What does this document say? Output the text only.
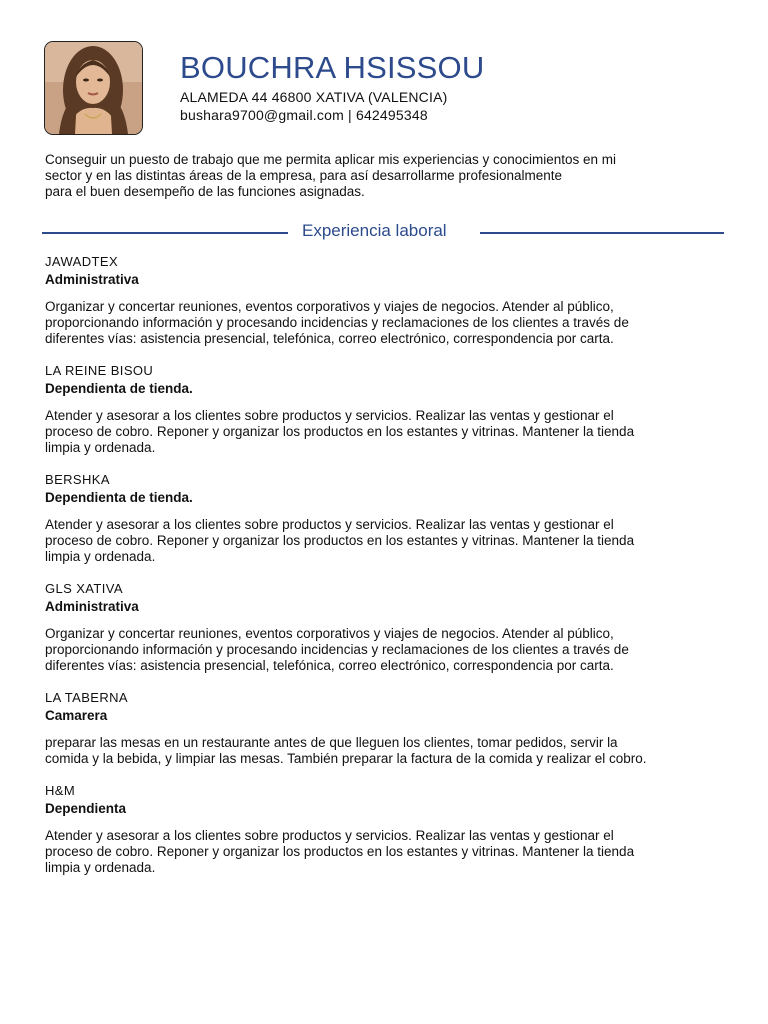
BOUCHRA HSISSOU
ALAMEDA 44 46800 XATIVA (VALENCIA)
bushara9700@gmail.com | 642495348
Conseguir un puesto de trabajo que me permita aplicar mis experiencias y conocimientos en mi
sector y en las distintas áreas de la empresa, para así desarrollarme profesionalmente
para el buen desempeño de las funciones asignadas.
Experiencia laboral
JAWADTEX
Administrativa
Organizar y concertar reuniones, eventos corporativos y viajes de negocios. Atender al público,
proporcionando información y procesando incidencias y reclamaciones de los clientes a través de
diferentes vías: asistencia presencial, telefónica, correo electrónico, correspondencia por carta.
LA REINE BISOU
Dependienta de tienda.
Atender y asesorar a los clientes sobre productos y servicios. Realizar las ventas y gestionar el
proceso de cobro. Reponer y organizar los productos en los estantes y vitrinas. Mantener la tienda
limpia y ordenada.
BERSHKA
Dependienta de tienda.
Atender y asesorar a los clientes sobre productos y servicios. Realizar las ventas y gestionar el
proceso de cobro. Reponer y organizar los productos en los estantes y vitrinas. Mantener la tienda
limpia y ordenada.
GLS XATIVA
Administrativa
Organizar y concertar reuniones, eventos corporativos y viajes de negocios. Atender al público,
proporcionando información y procesando incidencias y reclamaciones de los clientes a través de
diferentes vías: asistencia presencial, telefónica, correo electrónico, correspondencia por carta.
LA TABERNA
Camarera
preparar las mesas en un restaurante antes de que lleguen los clientes, tomar pedidos, servir la
comida y la bebida, y limpiar las mesas. También preparar la factura de la comida y realizar el cobro.
H&M
Dependienta
Atender y asesorar a los clientes sobre productos y servicios. Realizar las ventas y gestionar el
proceso de cobro. Reponer y organizar los productos en los estantes y vitrinas. Mantener la tienda
limpia y ordenada.
